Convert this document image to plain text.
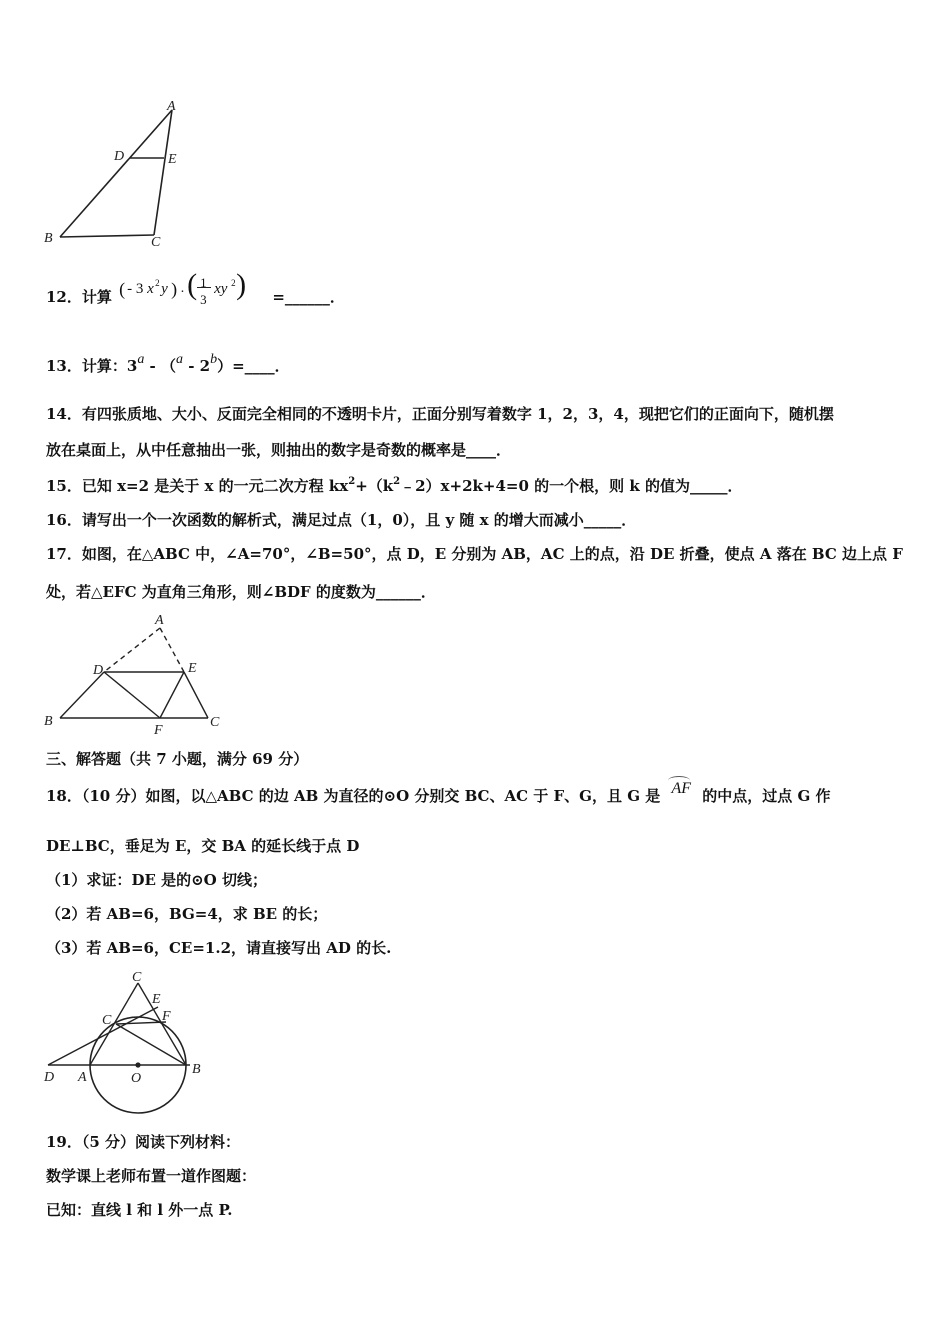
A
D	E
B	C
12．计算 ( - 3 x 2 y ) · ( 1
3
xy 2 ) =______．
13．计算：3a - （a - 2b）=____．
14．有四张质地、大小、反面完全相同的不透明卡片，正面分别写着数字 1，2，3，4，现把它们的正面向下，随机摆
放在桌面上，从中任意抽出一张，则抽出的数字是奇数的概率是____．
15．已知 x=2 是关于 x 的一元二次方程 $kx^2+(k^2﹣2)x+2k+4=0$ 的一个根，则 k 的值为_____．
16．请写出一个一次函数的解析式，满足过点（1，0），且 y 随 x 的增大而减小_____．
17．如图，在△ABC 中，∠A=70°，∠B=50°，点 D，E 分别为 AB，AC 上的点，沿 DE 折叠，使点 A 落在 BC 边上点 F
处，若△EFC 为直角三角形，则∠BDF 的度数为______．
A
D	E
B
F
C
三、解答题（共 7 小题，满分 69 分）
18．（10 分）如图，以△ABC 的边 AB 为直径的⊙O 分别交 BC、AC 于 F、G，且 G 是 AF 的中点，过点 G 作
DE⊥BC，垂足为 E，交 BA 的延长线于点 D
（1）求证：DE 是的⊙O 切线；
（2）若 AB=6，BG=4，求 BE 的长；
（3）若 AB=6，CE=1.2，请直接写出 AD 的长.
C
E
C	F
D A	O
B
19．（5 分）阅读下列材料：
数学课上老师布置一道作图题：
已知：直线 l 和 l 外一点 P.
